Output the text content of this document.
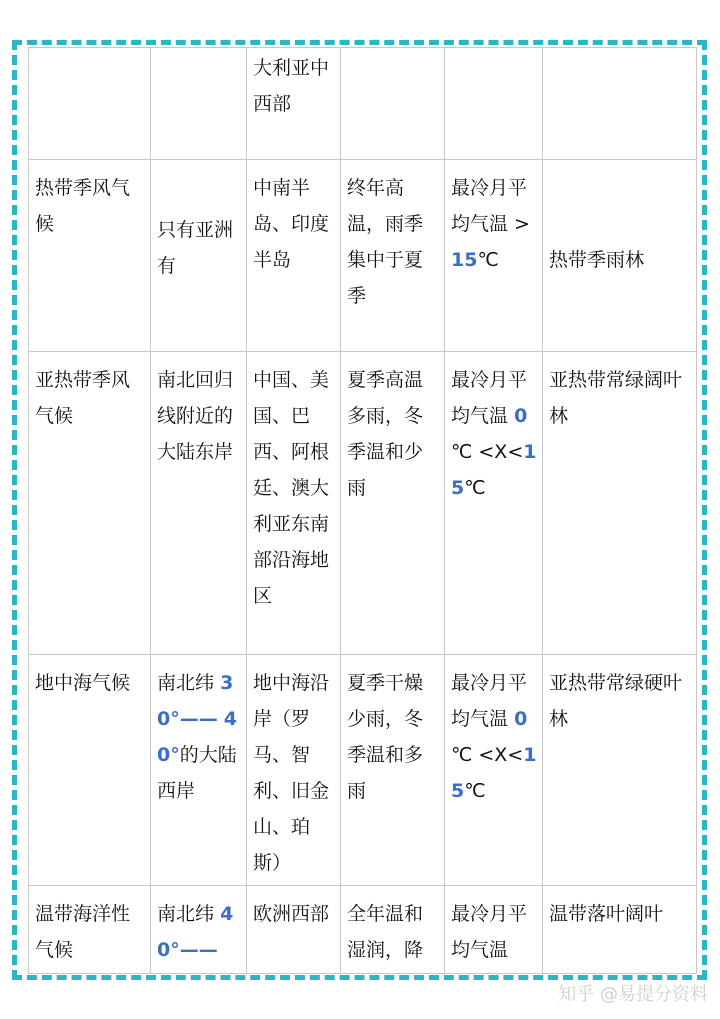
		大利亚中西部			
热带季风气候	只有亚洲有	中南半岛、印度半岛	终年高温，雨季集中于夏季	最冷月平均气温 >15℃	热带季雨林
亚热带季风气候	南北回归线附近的大陆东岸	中国、美国、巴西、阿根廷、澳大利亚东南部沿海地区	夏季高温多雨，冬季温和少雨	最冷月平均气温 0 ℃ <X<15℃	亚热带常绿阔叶林
地中海气候	南北纬 30°—— 40°的大陆西岸	地中海沿岸（罗马、智利、旧金山、珀斯）	夏季干燥少雨，冬季温和多雨	最冷月平均气温 0 ℃ <X<15℃	亚热带常绿硬叶林
温带海洋性气候	南北纬 40°——	欧洲西部	全年温和湿润，降	最冷月平均气温	温带落叶阔叶
知乎 @易提分资料
